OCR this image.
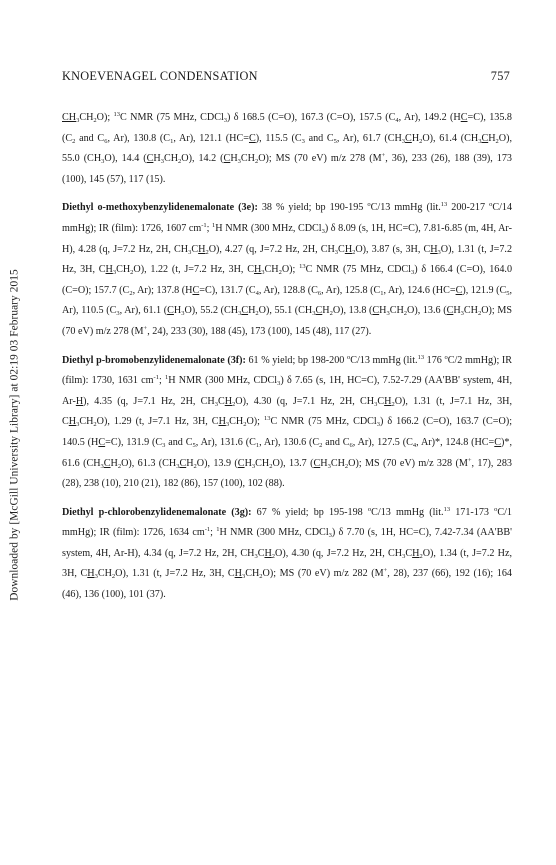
Downloaded by [McGill University Library] at 02:19 03 February 2015
KNOEVENAGEL CONDENSATION	757

$CH_3CH_2O$); $^{13}$C NMR (75 MHz, CDCl$_3$) δ 168.5 (C=O), 167.3 (C=O), 157.5 ($C_4$, Ar), 149.2 (HC=C), 135.8 ($C_2$ and $C_6$, Ar), 130.8 ($C_1$, Ar), 121.1 (HC=C), 115.5 ($C_3$ and $C_5$, Ar), 61.7 $(CH_3CH_2O)$, 61.4 $(CH_3CH_2O)$, 55.0 $(CH_3O)$, 14.4 $(CH_3CH_2O)$, 14.2 $(CH_3CH_2O)$; MS (70 eV) m/z 278 (M+, 36), 233 (26), 188 (39), 173 (100), 145 (57), 117 (15).

Diethyl o-methoxybenzylidenemalonate (3e): 38 % yield; bp 190-195 $^o$C/13 mmHg (lit.$^{13}$ 200-217 $^o$C/14 mmHg); IR (film): 1726, 1607 $cm^{-1}$; $^1$H NMR (300 MHz, CDCl$_3$) δ 8.09 (s, 1H, HC=C), 7.81-6.85 (m, 4H, Ar-H), 4.28 (q, J=7.2 Hz, 2H, $CH_3CH_2O$), 4.27 (q, J=7.2 Hz, 2H, $CH_3CH_2O$), 3.87 (s, 3H, $CH_3O$), 1.31 (t, J=7.2 Hz, 3H, $CH_3CH_2O$), 1.22 (t, J=7.2 Hz, 3H, $CH_3CH_2O$); $^{13}$C NMR (75 MHz, CDCl$_3$) δ 166.4 (C=O), 164.0 (C=O); 157.7 ($C_2$, Ar); 137.8 (HC=C), 131.7 ($C_4$, Ar), 128.8 ($C_6$, Ar), 125.8 ($C_1$, Ar), 124.6 (HC=C), 121.9 ($C_5$, Ar), 110.5 ($C_3$, Ar), 61.1 $(CH_3O)$, 55.2 $(CH_3CH_2O)$, 55.1 $(CH_3CH_2O)$, 13.8 $(CH_3CH_2O)$, 13.6 $(CH_3CH_2O)$; MS (70 eV) m/z 278 (M+, 24), 233 (30), 188 (45), 173 (100), 145 (48), 117 (27).

Diethyl p-bromobenzylidenemalonate (3f): 61 % yield; bp 198-200 $^o$C/13 mmHg (lit.$^{13}$ 176 $^o$C/2 mmHg); IR (film): 1730, 1631 $cm^{-1}$; $^1$H NMR (300 MHz, CDCl$_3$) δ 7.65 (s, 1H, HC=C), 7.52-7.29 (AA'BB' system, 4H, Ar-H), 4.35 (q, J=7.1 Hz, 2H, $CH_3CH_2O$), 4.30 (q, J=7.1 Hz, 2H, $CH_3CH_2O$), 1.31 (t, J=7.1 Hz, 3H, $CH_3CH_2O$), 1.29 (t, J=7.1 Hz, 3H, $CH_3CH_2O$); $^{13}$C NMR (75 MHz, CDCl$_3$) δ 166.2 (C=O), 163.7 (C=O); 140.5 (HC=C), 131.9 ($C_3$ and $C_5$, Ar), 131.6 ($C_1$, Ar), 130.6 ($C_2$ and $C_6$, Ar), 127.5 ($C_4$, Ar)*, 124.8 (HC=C)*, 61.6 $(CH_3CH_2O)$, 61.3 $(CH_3CH_2O)$, 13.9 $(CH_3CH_2O)$, 13.7 $(CH_3CH_2O)$; MS (70 eV) m/z 328 (M+, 17), 283 (28), 238 (10), 210 (21), 182 (86), 157 (100), 102 (88).

Diethyl p-chlorobenzylidenemalonate (3g): 67 % yield; bp 195-198 $^o$C/13 mmHg (lit.$^{13}$ 171-173 $^o$C/1 mmHg); IR (film): 1726, 1634 $cm^{-1}$; $^1$H NMR (300 MHz, CDCl$_3$) δ 7.70 (s, 1H, HC=C), 7.42-7.34 (AA'BB' system, 4H, Ar-H), 4.34 (q, J=7.2 Hz, 2H, $CH_3CH_2O$), 4.30 (q, J=7.2 Hz, 2H, $CH_3CH_2O$), 1.34 (t, J=7.2 Hz, 3H, $CH_3CH_2O$), 1.31 (t, J=7.2 Hz, 3H, $CH_3CH_2O$); MS (70 eV) m/z 282 (M+, 28), 237 (66), 192 (16); 164 (46), 136 (100), 101 (37).
